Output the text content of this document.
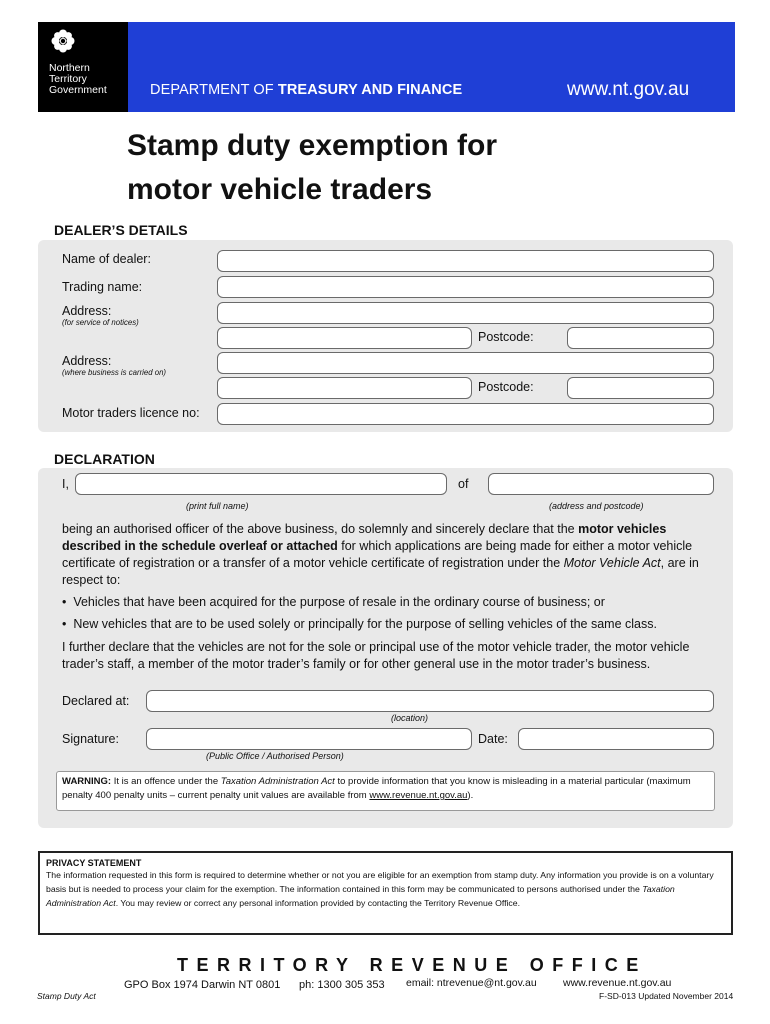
Northern
Territory
Government	DEPARTMENT OF TREASURY AND FINANCE	www.nt.gov.au
Stamp duty exemption for
motor vehicle traders
DEALER’S DETAILS
Name of dealer:
Trading name:
Address:
(for service of notices)
Postcode:
Address:
(where business is carried on)
Postcode:
Motor traders licence no:
DECLARATION
I,	of
(print full name)	(address and postcode)
being an authorised officer of the above business, do solemnly and sincerely declare that the motor vehicles described in the schedule overleaf or attached for which applications are being made for either a motor vehicle certificate of registration or a transfer of a motor vehicle certificate of registration under the Motor Vehicle Act, are in respect to:
•  Vehicles that have been acquired for the purpose of resale in the ordinary course of business; or
•  New vehicles that are to be used solely or principally for the purpose of selling vehicles of the same class.
I further declare that the vehicles are not for the sole or principal use of the motor vehicle trader, the motor vehicle trader’s staff, a member of the motor trader’s family or for other general use in the motor trader’s business.
Declared at:
(location)
Signature:	Date:
(Public Office / Authorised Person)
WARNING: It is an offence under the Taxation Administration Act to provide information that you know is misleading in a material particular (maximum penalty 400 penalty units – current penalty unit values are available from www.revenue.nt.gov.au).
PRIVACY STATEMENT
The information requested in this form is required to determine whether or not you are eligible for an exemption from stamp duty. Any information you provide is on a voluntary basis but is needed to process your claim for the exemption. The information contained in this form may be communicated to persons authorised under the Taxation Administration Act. You may review or correct any personal information provided by contacting the Territory Revenue Office.
TERRITORY REVENUE OFFICE
Stamp Duty Act
GPO Box 1974 Darwin NT 0801 ph: 1300 305 353 email: ntrevenue@nt.gov.au	www.revenue.nt.gov.au
F-SD-013 Updated November 2014
